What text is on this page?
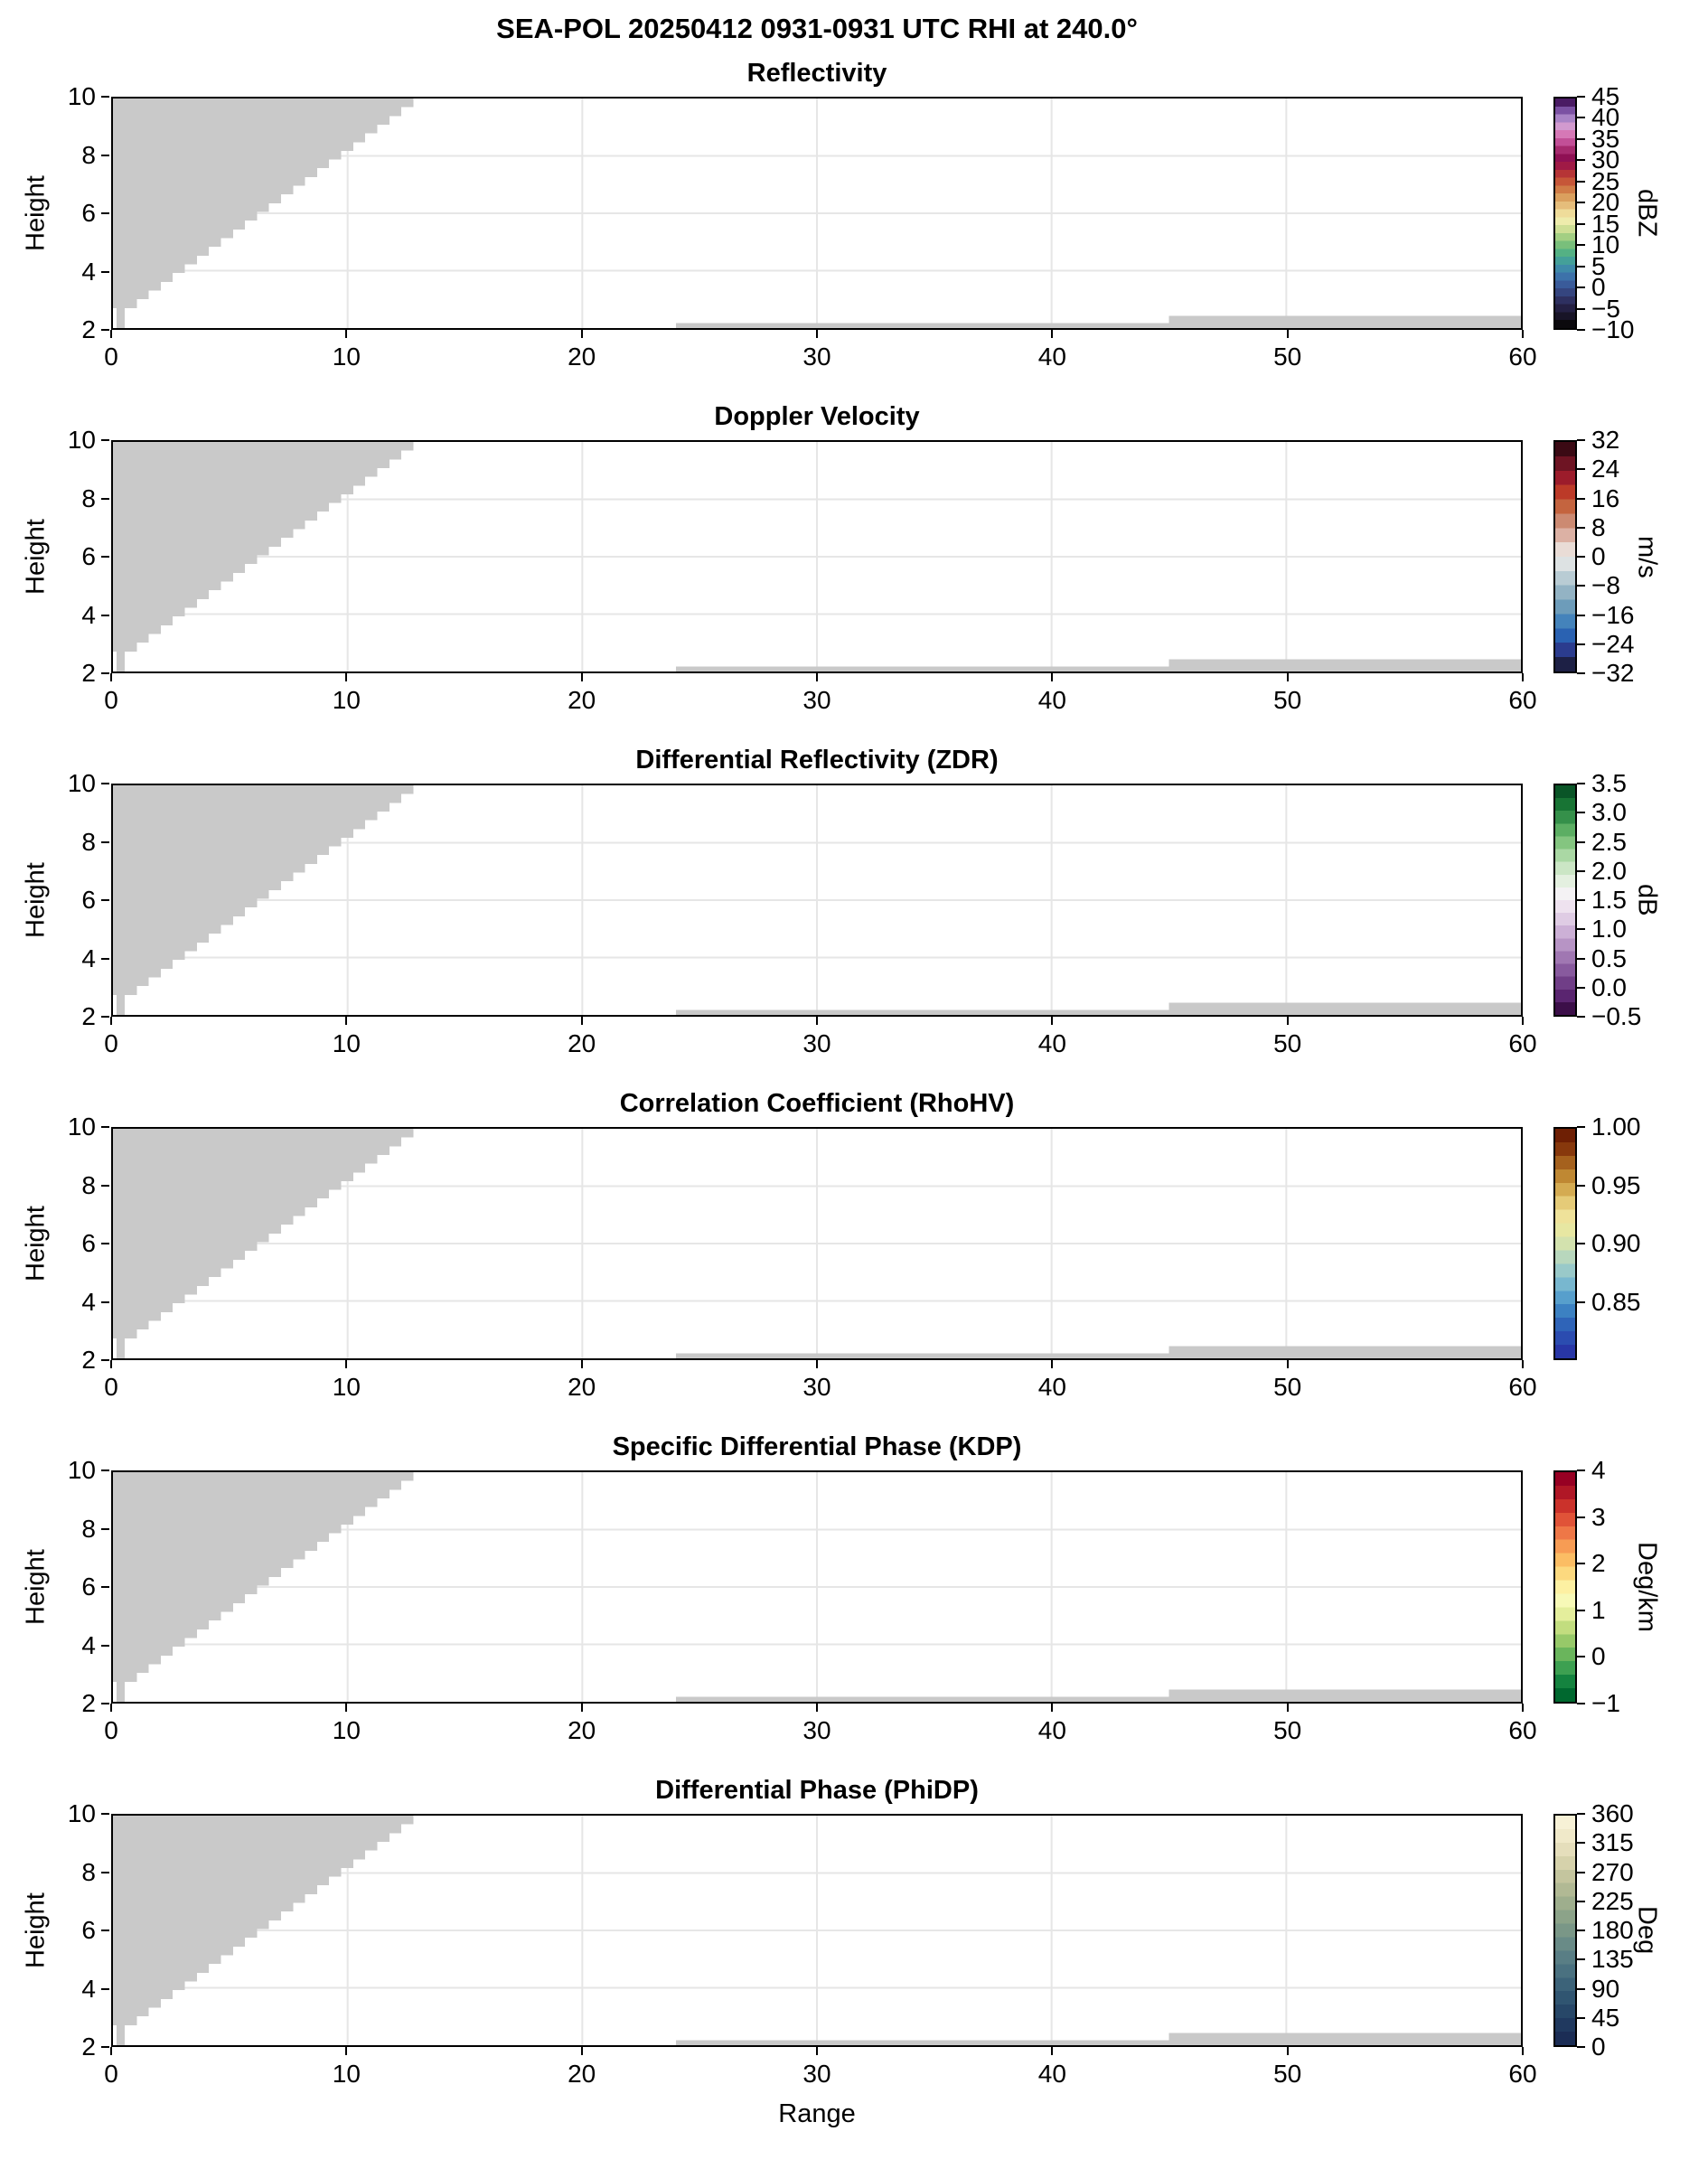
SEA-POL 20250412 0931-0931 UTC RHI at 240.0°
Reflectivity
Height	dBZ
0	10	20	30	40	50	60
2
4
6
8
10	45
40
35
30
25
20
15
10
5
0
−5
−10
Doppler Velocity
Height	m/s
0	10	20	30	40	50	60
2
4
6
8
10	32
24
16
8
0
−8
−16
−24
−32
Differential Reflectivity (ZDR)
Height	dB
0	10	20	30	40	50	60
2
4
6
8
10	3.5
3.0
2.5
2.0
1.5
1.0
0.5
0.0
−0.5
Correlation Coefficient (RhoHV)
Height
0	10	20	30	40	50	60
2
4
6
8
10	1.00
0.95
0.90
0.85
Specific Differential Phase (KDP)
Height	Deg/km
0	10	20	30	40	50	60
2
4
6
8
10	4
3
2
1
0
−1
Differential Phase (PhiDP)
Height	Deg
0	10	20	30	40	50	60
2
4
6
8
10	360
315
270
225
180
135
90
45
0
Range
